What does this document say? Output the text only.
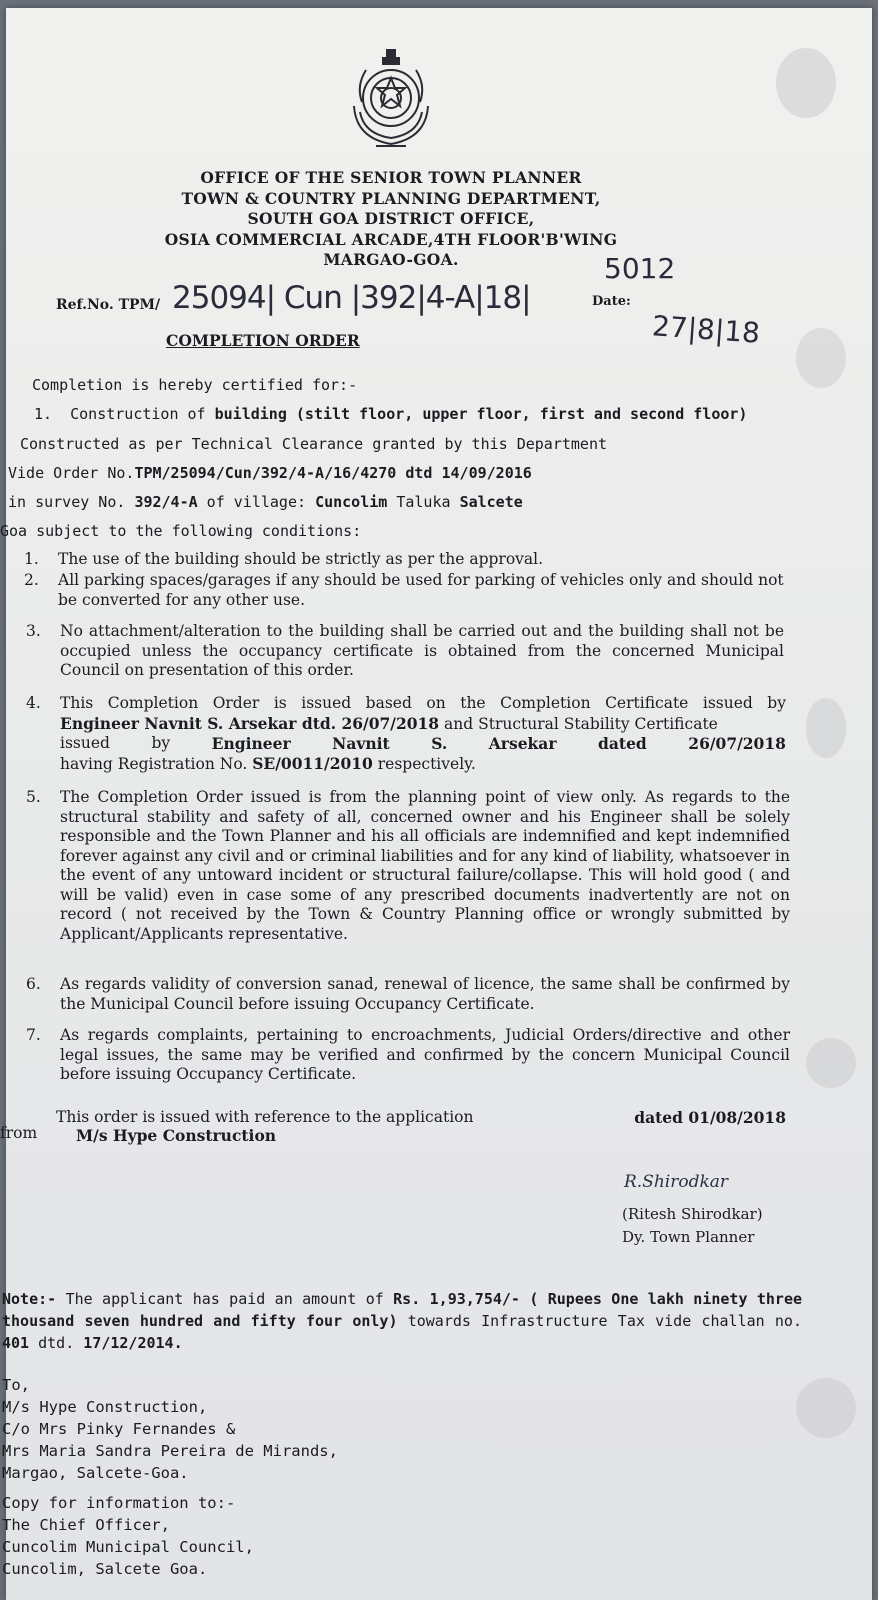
OFFICE OF THE SENIOR TOWN PLANNER
TOWN & COUNTRY PLANNING DEPARTMENT,
SOUTH GOA DISTRICT OFFICE,
OSIA COMMERCIAL ARCADE,4TH FLOOR'B'WING
MARGAO-GOA.
Ref.No. TPM/ 25094| Cun |392|4-A|18|
5012
Date:
27|8|18
COMPLETION ORDER
Completion is hereby certified for:-
1. Construction of building (stilt floor, upper floor, first and second floor)
Constructed as per Technical Clearance granted by this Department
Vide Order No.TPM/25094/Cun/392/4-A/16/4270 dtd 14/09/2016
in survey No. 392/4-A of village: Cuncolim Taluka Salcete
Goa subject to the following conditions:
1.	The use of the building should be strictly as per the approval.
2.	All parking spaces/garages if any should be used for parking of vehicles only and should not be converted for any other use.
3.	No attachment/alteration to the building shall be carried out and the building shall not be occupied unless the occupancy certificate is obtained from the concerned Municipal Council on presentation of this order.
4.	This Completion Order is issued based on the Completion Certificate issued by
Engineer Navnit S. Arsekar dtd. 26/07/2018 and Structural Stability Certificate
issued	by	Engineer	Navnit	S.	Arsekar	dated	26/07/2018
having Registration No. SE/0011/2010 respectively.
5.	The Completion Order issued is from the planning point of view only. As regards to the structural stability and safety of all, concerned owner and his Engineer shall be solely responsible and the Town Planner and his all officials are indemnified and kept indemnified forever against any civil and or criminal liabilities and for any kind of liability, whatsoever in the event of any untoward incident or structural failure/collapse. This will hold good ( and will be valid) even in case some of any prescribed documents inadvertently are not on record ( not received by the Town & Country Planning office or wrongly submitted by Applicant/Applicants representative.
6.	As regards validity of conversion sanad, renewal of licence, the same shall be confirmed by the Municipal Council before issuing Occupancy Certificate.
7.	As regards complaints, pertaining to encroachments, Judicial Orders/directive and other legal issues, the same may be verified and confirmed by the concern Municipal Council before issuing Occupancy Certificate.
This order is issued with reference to the application	dated 01/08/2018
from	M/s Hype Construction
R.Shirodkar
(Ritesh Shirodkar)
Dy. Town Planner
Note:- The applicant has paid an amount of Rs. 1,93,754/- ( Rupees One lakh ninety three thousand seven hundred and fifty four only) towards Infrastructure Tax vide challan no. 401 dtd. 17/12/2014.
To,
M/s Hype Construction,
C/o Mrs Pinky Fernandes &
Mrs Maria Sandra Pereira de Mirands,
Margao, Salcete-Goa.
Copy for information to:-
The Chief Officer,
Cuncolim Municipal Council,
Cuncolim, Salcete Goa.
